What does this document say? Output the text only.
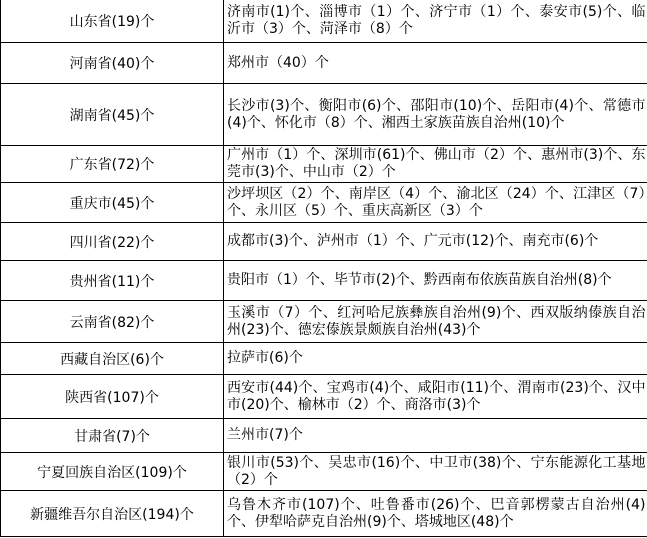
山东省(19)个	济南市(1)个、淄博市（1）个、济宁市（1）个、泰安市(5)个、临沂市（3）个、菏泽市（8）个
河南省(40)个	郑州市（40）个
湖南省(45)个	长沙市(3)个、衡阳市(6)个、邵阳市(10)个、岳阳市(4)个、常德市(4)个、怀化市（8）个、湘西土家族苗族自治州(10)个
广东省(72)个	广州市（1）个、深圳市(61)个、佛山市（2）个、惠州市(3)个、东莞市(3)个、中山市（2）个
重庆市(45)个	沙坪坝区（2）个、南岸区（4）个、渝北区（24）个、江津区（7）个、永川区（5）个、重庆高新区（3）个
四川省(22)个	成都市(3)个、泸州市（1）个、广元市(12)个、南充市(6)个
贵州省(11)个	贵阳市（1）个、毕节市(2)个、黔西南布依族苗族自治州(8)个
云南省(82)个	玉溪市（7）个、红河哈尼族彝族自治州(9)个、西双版纳傣族自治州(23)个、德宏傣族景颇族自治州(43)个
西藏自治区(6)个	拉萨市(6)个
陕西省(107)个	西安市(44)个、宝鸡市(4)个、咸阳市(11)个、渭南市(23)个、汉中市(20)个、榆林市（2）个、商洛市(3)个
甘肃省(7)个	兰州市(7)个
宁夏回族自治区(109)个	银川市(53)个、吴忠市(16)个、中卫市(38)个、宁东能源化工基地（2）个
新疆维吾尔自治区(194)个	乌鲁木齐市(107)个、吐鲁番市(26)个、巴音郭楞蒙古自治州(4)个、伊犁哈萨克自治州(9)个、塔城地区(48)个
